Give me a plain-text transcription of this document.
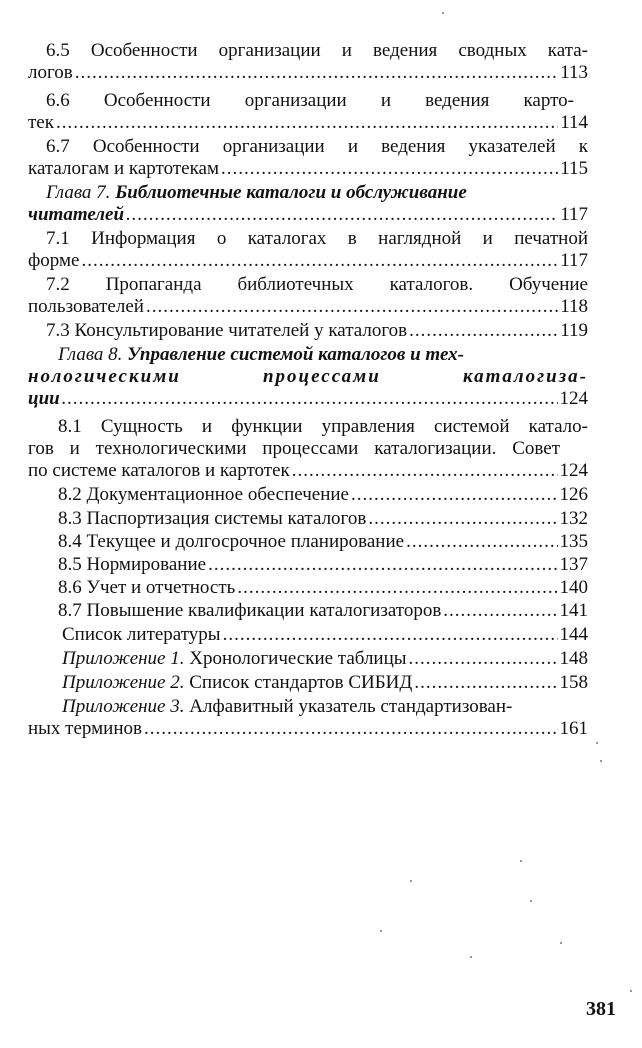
6.5 Особенности организации и ведения сводных ката-
логов .....	113
6.6 Особенности организации и ведения карто-
тек .....	114
6.7 Особенности организации и ведения указателей к
каталогам и картотекам .....	115
Глава 7.
Библиотечные каталоги и обслуживание
читателей .....	117
7.1 Информация о каталогах в наглядной и печатной
форме .....	117
7.2 Пропаганда библиотечных каталогов. Обучение
пользователей .....	118
7.3 Консультирование читателей у каталогов .....	119
Глава 8.
Управление системой каталогов и тех-
нологическими процессами каталогиза-
ции .....	124
8.1 Сущность и функции управления системой катало-
гов и технологическими процессами каталогизации. Совет
по системе каталогов и картотек .....	124
8.2 Документационное обеспечение .....	126
8.3 Паспортизация системы каталогов .....	132
8.4 Текущее и долгосрочное планирование .....	135
8.5 Нормирование .....	137
8.6 Учет и отчетность .....	140
8.7 Повышение квалификации каталогизаторов .....	141
Список литературы .....	144
Приложение 1.
Хронологические таблицы .....	148
Приложение 2.
Список стандартов СИБИД .....	158
Приложение 3.
Алфавитный указатель стандартизован-
ных терминов .....	161
381
